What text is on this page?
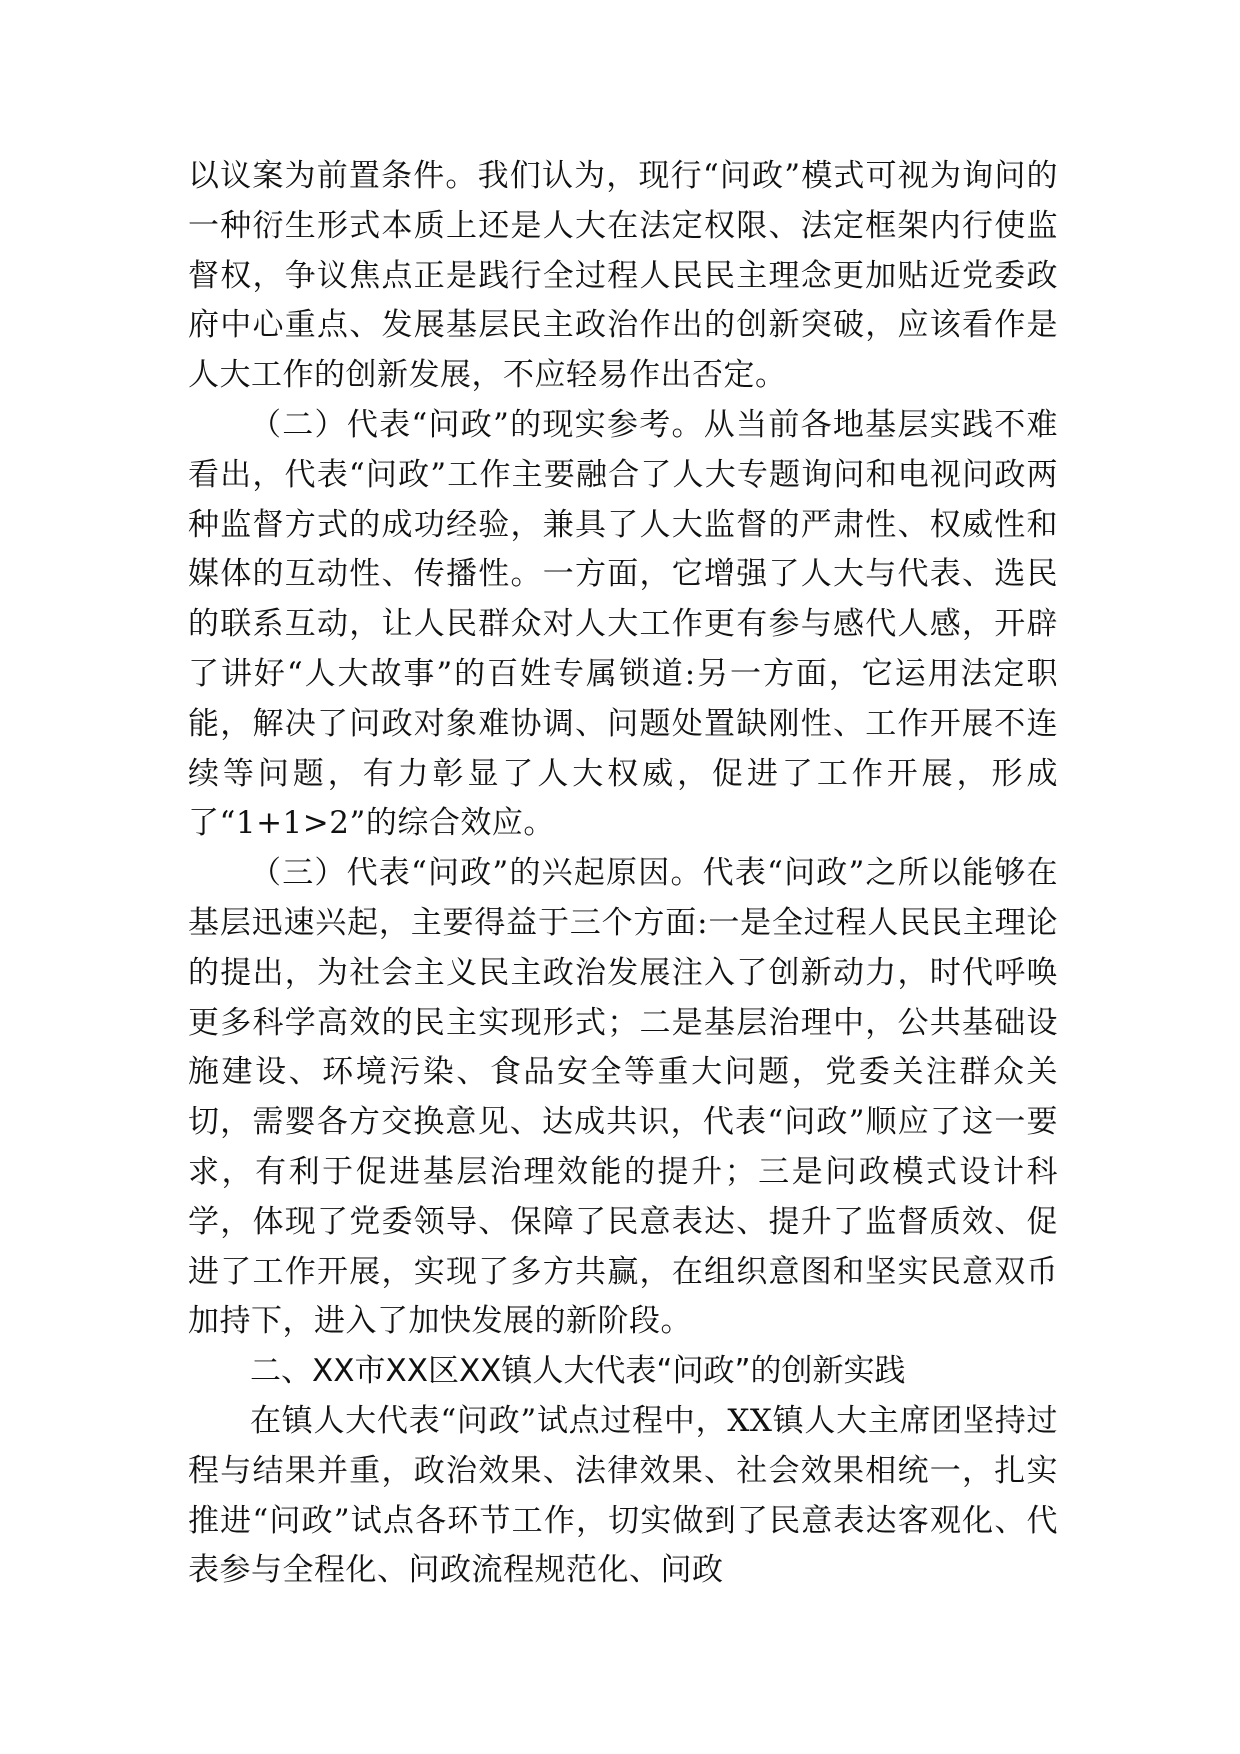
以议案为前置条件。我们认为，现行“问政”模式可视为询问的一种衍生形式本质上还是人大在法定权限、法定框架内行使监督权，争议焦点正是践行全过程人民民主理念更加贴近党委政府中心重点、发展基层民主政治作出的创新突破，应该看作是人大工作的创新发展，不应轻易作出否定。

（二）代表“问政”的现实参考。从当前各地基层实践不难看出，代表“问政”工作主要融合了人大专题询问和电视问政两种监督方式的成功经验，兼具了人大监督的严肃性、权威性和媒体的互动性、传播性。一方面，它增强了人大与代表、选民的联系互动，让人民群众对人大工作更有参与感代人感，开辟了讲好“人大故事”的百姓专属锁道:另一方面，它运用法定职能，解决了问政对象难协调、问题处置缺刚性、工作开展不连续等问题，有力彰显了人大权威，促进了工作开展，形成了“1+1>2”的综合效应。

（三）代表“问政”的兴起原因。代表“问政”之所以能够在基层迅速兴起，主要得益于三个方面:一是全过程人民民主理论的提出，为社会主义民主政治发展注入了创新动力，时代呼唤更多科学高效的民主实现形式；二是基层治理中，公共基础设施建设、环境污染、食品安全等重大问题，党委关注群众关切，需婴各方交换意见、达成共识，代表“问政”顺应了这一要求，有利于促进基层治理效能的提升；三是问政模式设计科学，体现了党委领导、保障了民意表达、提升了监督质效、促进了工作开展，实现了多方共赢，在组织意图和坚实民意双币加持下，进入了加快发展的新阶段。

二、XX市XX区XX镇人大代表“问政”的创新实践

在镇人大代表“问政”试点过程中，XX镇人大主席团坚持过程与结果并重，政治效果、法律效果、社会效果相统一，扎实推进“问政”试点各环节工作，切实做到了民意表达客观化、代表参与全程化、问政流程规范化、问政
